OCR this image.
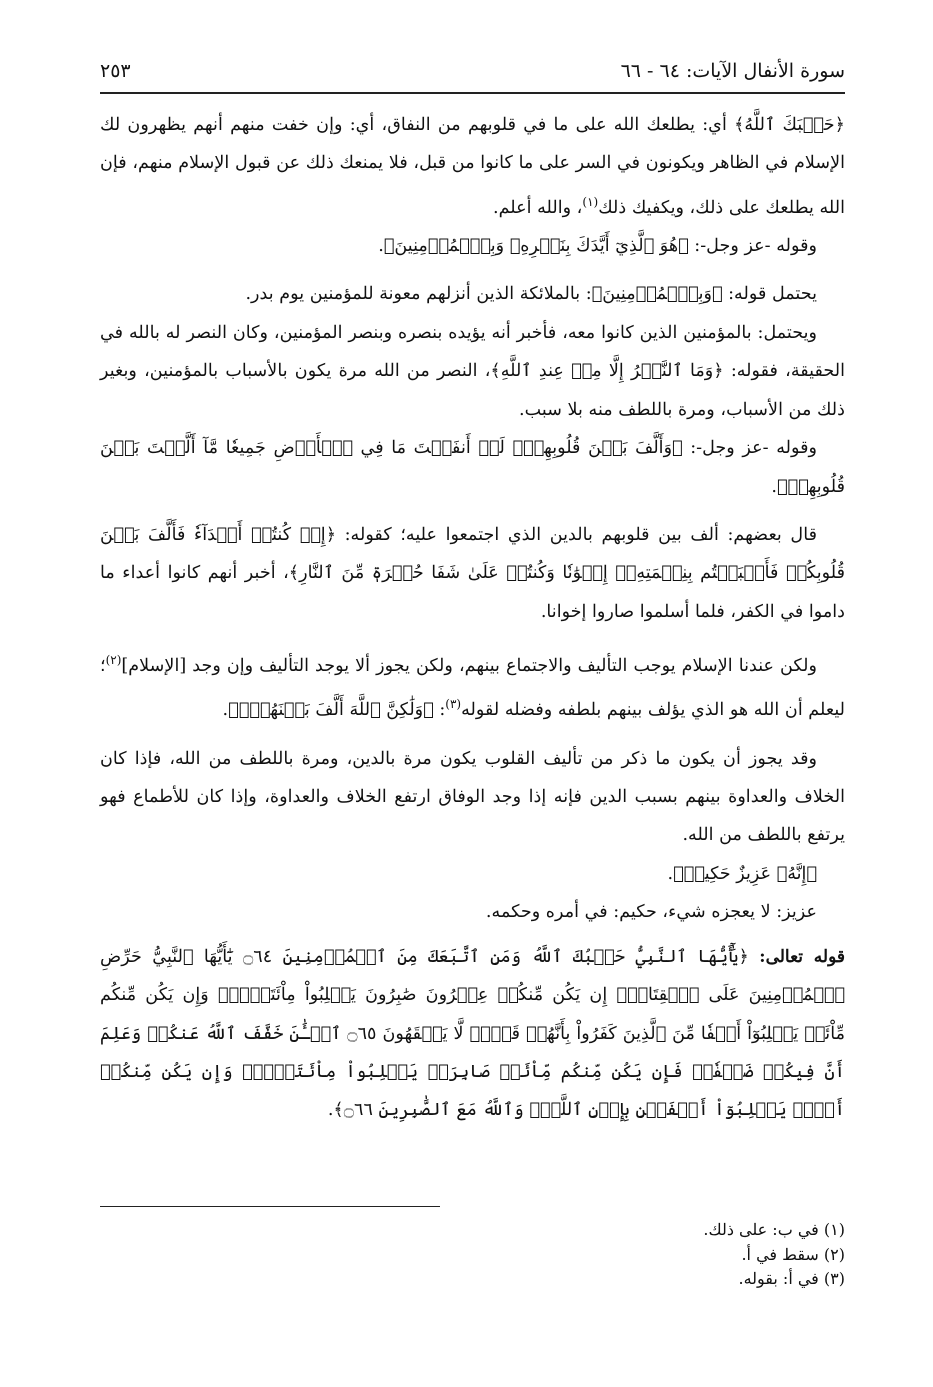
سورة الأنفال الآيات: ٦٤ - ٦٦
٢٥٣

﴿حَسۡبَكَ ٱللَّهُ﴾ أي: يطلعك الله على ما في قلوبهم من النفاق، أي: وإن خفت منهم أنهم يظهرون لك الإسلام في الظاهر ويكونون في السر على ما كانوا من قبل، فلا يمنعك ذلك عن قبول الإسلام منهم، فإن الله يطلعك على ذلك، ويكفيك ذلك$^{(١)}$، والله أعلم.

وقوله -عز وجل-: ﴿هُوَ ٱلَّذِيٓ أَيَّدَكَ بِنَصۡرِهِۦ وَبِٱلۡمُؤۡمِنِينَ﴾.

يحتمل قوله: ﴿وَبِٱلۡمُؤۡمِنِينَ﴾: بالملائكة الذين أنزلهم معونة للمؤمنين يوم بدر.

ويحتمل: بالمؤمنين الذين كانوا معه، فأخبر أنه يؤيده بنصره وبنصر المؤمنين، وكان النصر له بالله في الحقيقة، فقوله: ﴿وَمَا ٱلنَّصۡرُ إِلَّا مِنۡ عِندِ ٱللَّهِ﴾، النصر من الله مرة يكون بالأسباب بالمؤمنين، وبغير ذلك من الأسباب، ومرة باللطف منه بلا سبب.

وقوله -عز وجل-: ﴿وَأَلَّفَ بَيۡنَ قُلُوبِهِمۡۚ لَوۡ أَنفَقۡتَ مَا فِي ٱلۡأَرۡضِ جَمِيعٗا مَّآ أَلَّفۡتَ بَيۡنَ قُلُوبِهِمۡ﴾.

قال بعضهم: ألف بين قلوبهم بالدين الذي اجتمعوا عليه؛ كقوله: ﴿إِذۡ كُنتُمۡ أَعۡدَآءٗ فَأَلَّفَ بَيۡنَ قُلُوبِكُمۡ فَأَصۡبَحۡتُم بِنِعۡمَتِهِۦٓ إِخۡوَٰنٗا وَكُنتُمۡ عَلَىٰ شَفَا حُفۡرَةٖ مِّنَ ٱلنَّارِ﴾، أخبر أنهم كانوا أعداء ما داموا في الكفر، فلما أسلموا صاروا إخوانا.

ولكن عندنا الإسلام يوجب التأليف والاجتماع بينهم، ولكن يجوز ألا يوجد التأليف وإن وجد [الإسلام]$^{(٢)}$؛ ليعلم أن الله هو الذي يؤلف بينهم بلطفه وفضله لقوله$^{(٣)}$: ﴿وَلَٰكِنَّ ٱللَّهَ أَلَّفَ بَيۡنَهُمۡۚ﴾.

وقد يجوز أن يكون ما ذكر من تأليف القلوب يكون مرة بالدين، ومرة باللطف من الله، فإذا كان الخلاف والعداوة بينهم بسبب الدين فإنه إذا وجد الوفاق ارتفع الخلاف والعداوة، وإذا كان للأطماع فهو يرتفع باللطف من الله.

﴿إِنَّهُۥ عَزِيزٌ حَكِيمٞ﴾.

عزيز: لا يعجزه شيء، حكيم: في أمره وحكمه.

قوله تعالى: ﴿يَٰٓأَيُّهَا ٱلنَّبِيُّ حَسۡبُكَ ٱللَّهُ وَمَنِ ٱتَّبَعَكَ مِنَ ٱلۡمُؤۡمِنِينَ ۝٦٤ يَٰٓأَيُّهَا ٱلنَّبِيُّ حَرِّضِ ٱلۡمُؤۡمِنِينَ عَلَى ٱلۡقِتَالِۚ إِن يَكُن مِّنكُمۡ عِشۡرُونَ صَٰبِرُونَ يَغۡلِبُواْ مِاْئَتَيۡنِۚ وَإِن يَكُن مِّنكُم مِّاْئَةٞ يَغۡلِبُوٓاْ أَلۡفٗا مِّنَ ٱلَّذِينَ كَفَرُواْ بِأَنَّهُمۡ قَوۡمٞ لَّا يَفۡقَهُونَ ۝٦٥ ٱلۡـَٰٔنَ خَفَّفَ ٱللَّهُ عَنكُمۡ وَعَلِمَ أَنَّ فِيكُمۡ ضَعۡفٗاۚ فَإِن يَكُن مِّنكُم مِّاْئَةٞ صَابِرَةٞ يَغۡلِبُواْ مِاْئَتَيۡنِۚ وَإِن يَكُن مِّنكُمۡ أَلۡفٞ يَغۡلِبُوٓاْ أَلۡفَيۡنِ بِإِذۡنِ ٱللَّهِۗ وَٱللَّهُ مَعَ ٱلصَّٰبِرِينَ ۝٦٦﴾.

(١) في ب: على ذلك.
(٢) سقط في أ.
(٣) في أ: بقوله.
